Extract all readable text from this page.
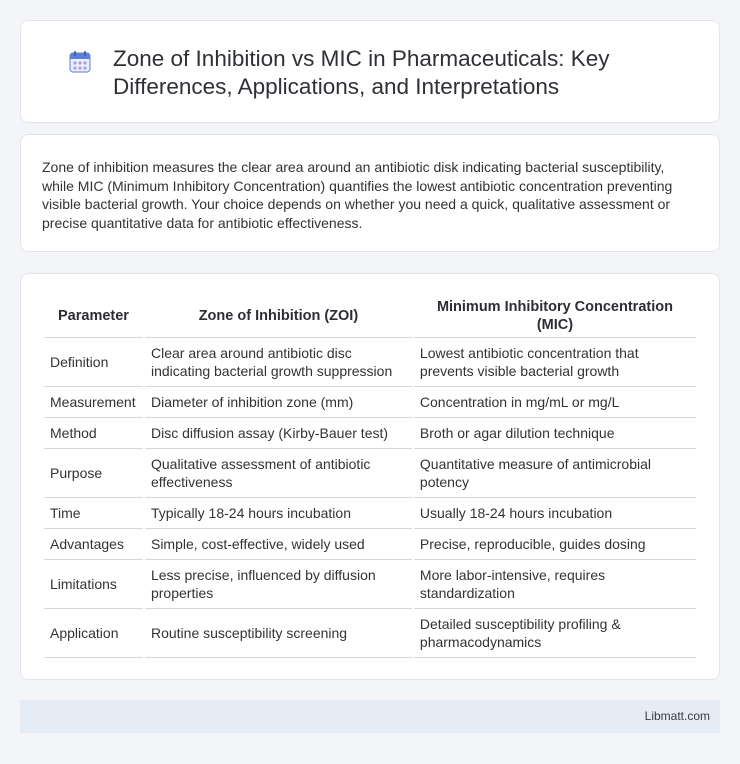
Zone of Inhibition vs MIC in Pharmaceuticals: Key Differences, Applications, and Interpretations

Zone of inhibition measures the clear area around an antibiotic disk indicating bacterial susceptibility, while MIC (Minimum Inhibitory Concentration) quantifies the lowest antibiotic concentration preventing visible bacterial growth. Your choice depends on whether you need a quick, qualitative assessment or precise quantitative data for antibiotic effectiveness.

Parameter	Zone of Inhibition (ZOI)	Minimum Inhibitory Concentration (MIC)
Definition	Clear area around antibiotic disc indicating bacterial growth suppression	Lowest antibiotic concentration that prevents visible bacterial growth
Measurement	Diameter of inhibition zone (mm)	Concentration in mg/mL or mg/L
Method	Disc diffusion assay (Kirby-Bauer test)	Broth or agar dilution technique
Purpose	Qualitative assessment of antibiotic effectiveness	Quantitative measure of antimicrobial potency
Time	Typically 18-24 hours incubation	Usually 18-24 hours incubation
Advantages	Simple, cost-effective, widely used	Precise, reproducible, guides dosing
Limitations	Less precise, influenced by diffusion properties	More labor-intensive, requires standardization
Application	Routine susceptibility screening	Detailed susceptibility profiling & pharmacodynamics
Libmatt.com
